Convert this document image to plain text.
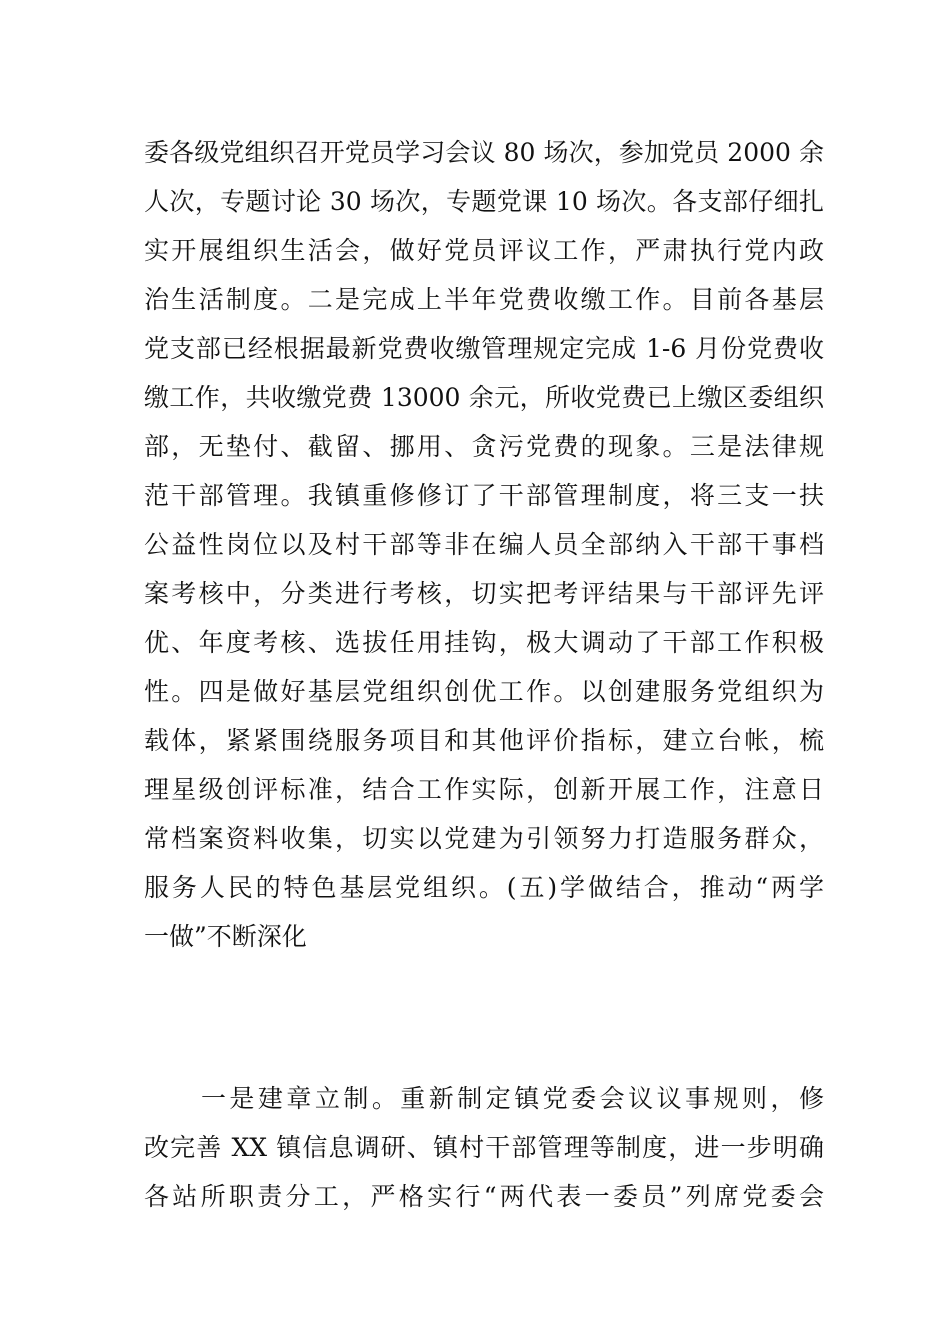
委各级党组织召开党员学习会议 80 场次，参加党员 2000 余
人次，专题讨论 30 场次，专题党课 10 场次。各支部仔细扎
实开展组织生活会，做好党员评议工作，严肃执行党内政
治生活制度。二是完成上半年党费收缴工作。目前各基层
党支部已经根据最新党费收缴管理规定完成 1-6 月份党费收
缴工作，共收缴党费 13000 余元，所收党费已上缴区委组织
部，无垫付、截留、挪用、贪污党费的现象。三是法律规
范干部管理。我镇重修修订了干部管理制度，将三支一扶
公益性岗位以及村干部等非在编人员全部纳入干部干事档
案考核中，分类进行考核，切实把考评结果与干部评先评
优、年度考核、选拔任用挂钩，极大调动了干部工作积极
性。四是做好基层党组织创优工作。以创建服务党组织为
载体，紧紧围绕服务项目和其他评价指标，建立台帐，梳
理星级创评标准，结合工作实际，创新开展工作，注意日
常档案资料收集，切实以党建为引领努力打造服务群众，
服务人民的特色基层党组织。(五)学做结合，推动“两学
一做”不断深化
　　一是建章立制。重新制定镇党委会议议事规则，修
改完善 XX 镇信息调研、镇村干部管理等制度，进一步明确
各站所职责分工，严格实行“两代表一委员”列席党委会
